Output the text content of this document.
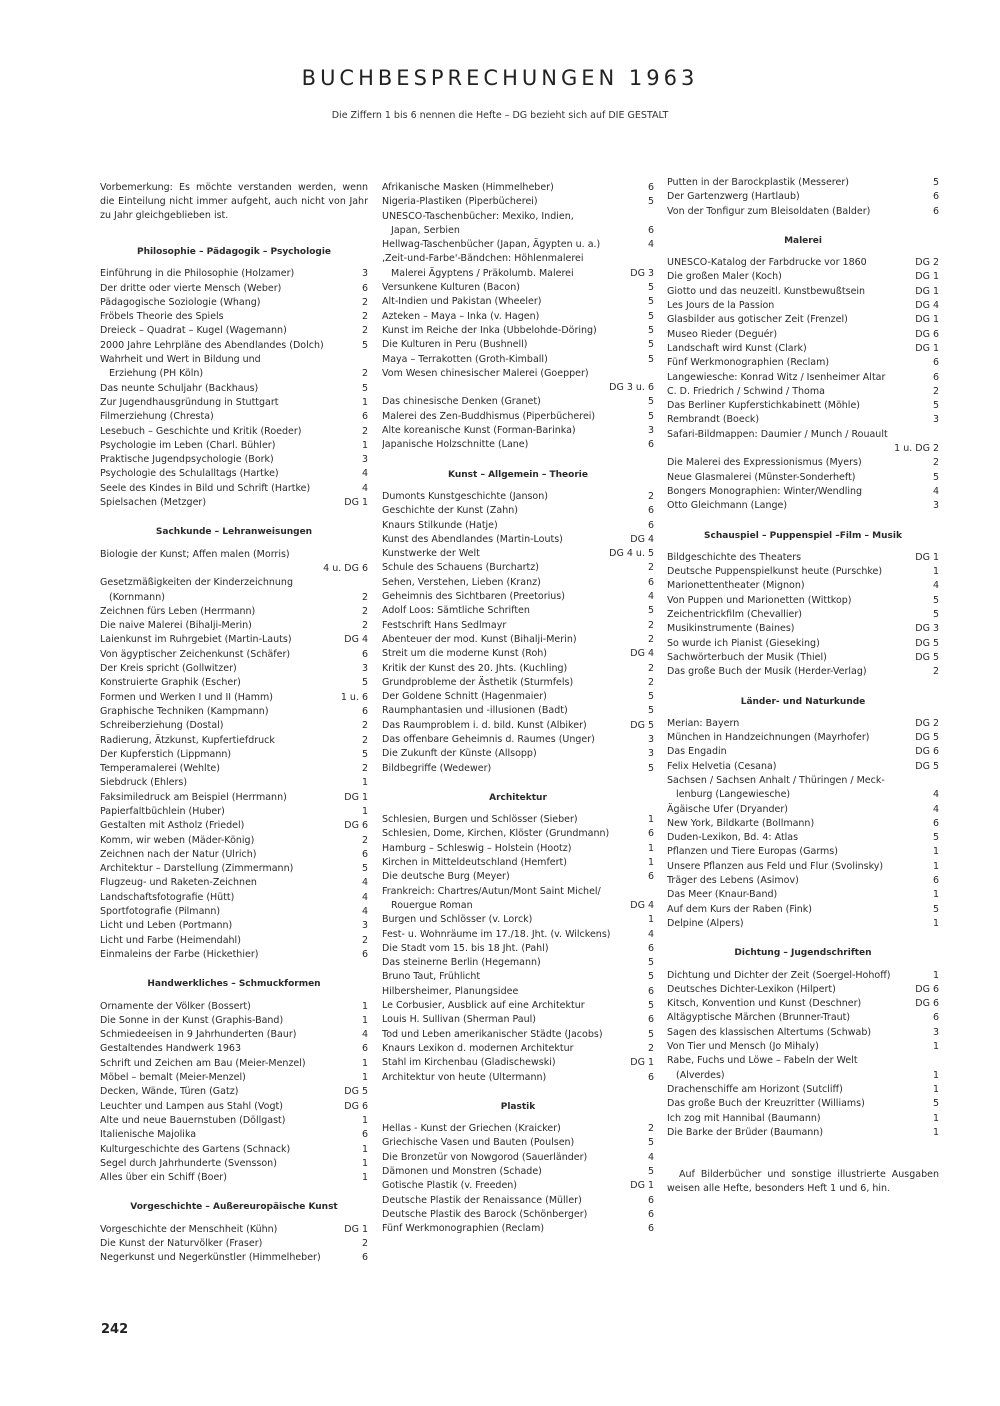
BUCHBESPRECHUNGEN 1963
Die Ziffern 1 bis 6 nennen die Hefte – DG bezieht sich auf DIE GESTALT
Vorbemerkung: Es möchte verstanden werden, wenn die Einteilung nicht immer aufgeht, auch nicht von Jahr zu Jahr gleichgeblieben ist.
Philosophie – Pädagogik – Psychologie
Einführung in die Philosophie (Holzamer)	3
Der dritte oder vierte Mensch (Weber)	6
Pädagogische Soziologie (Whang)	2
Fröbels Theorie des Spiels	2
Dreieck – Quadrat – Kugel (Wagemann)	2
2000 Jahre Lehrpläne des Abendlandes (Dolch)	5
Wahrheit und Wert in Bildung und
Erziehung (PH Köln)	2
Das neunte Schuljahr (Backhaus)	5
Zur Jugendhausgründung in Stuttgart	1
Filmerziehung (Chresta)	6
Lesebuch – Geschichte und Kritik (Roeder)	2
Psychologie im Leben (Charl. Bühler)	1
Praktische Jugendpsychologie (Bork)	3
Psychologie des Schulalltags (Hartke)	4
Seele des Kindes in Bild und Schrift (Hartke)	4
Spielsachen (Metzger)	DG 1
Sachkunde – Lehranweisungen
Biologie der Kunst; Affen malen (Morris)
4 u. DG 6
Gesetzmäßigkeiten der Kinderzeichnung
(Kornmann)	2
Zeichnen fürs Leben (Herrmann)	2
Die naive Malerei (Bihalji-Merin)	2
Laienkunst im Ruhrgebiet (Martin-Lauts)	DG 4
Von ägyptischer Zeichenkunst (Schäfer)	6
Der Kreis spricht (Gollwitzer)	3
Konstruierte Graphik (Escher)	5
Formen und Werken I und II (Hamm)	1 u. 6
Graphische Techniken (Kampmann)	6
Schreiberziehung (Dostal)	2
Radierung, Ätzkunst, Kupfertiefdruck	2
Der Kupferstich (Lippmann)	5
Temperamalerei (Wehlte)	2
Siebdruck (Ehlers)	1
Faksimiledruck am Beispiel (Herrmann)	DG 1
Papierfaltbüchlein (Huber)	1
Gestalten mit Astholz (Friedel)	DG 6
Komm, wir weben (Mäder-König)	2
Zeichnen nach der Natur (Ulrich)	6
Architektur – Darstellung (Zimmermann)	5
Flugzeug- und Raketen-Zeichnen	4
Landschaftsfotografie (Hütt)	4
Sportfotografie (Pilmann)	4
Licht und Leben (Portmann)	3
Licht und Farbe (Heimendahl)	2
Einmaleins der Farbe (Hickethier)	6
Handwerkliches – Schmuckformen
Ornamente der Völker (Bossert)	1
Die Sonne in der Kunst (Graphis-Band)	1
Schmiedeeisen in 9 Jahrhunderten (Baur)	4
Gestaltendes Handwerk 1963	6
Schrift und Zeichen am Bau (Meier-Menzel)	1
Möbel – bemalt (Meier-Menzel)	1
Decken, Wände, Türen (Gatz)	DG 5
Leuchter und Lampen aus Stahl (Vogt)	DG 6
Alte und neue Bauernstuben (Döllgast)	1
Italienische Majolika	6
Kulturgeschichte des Gartens (Schnack)	1
Segel durch Jahrhunderte (Svensson)	1
Alles über ein Schiff (Boer)	1
Vorgeschichte – Außereuropäische Kunst
Vorgeschichte der Menschheit (Kühn)	DG 1
Die Kunst der Naturvölker (Fraser)	2
Negerkunst und Negerkünstler (Himmelheber)	6
Afrikanische Masken (Himmelheber)	6
Nigeria-Plastiken (Piperbücherei)	5
UNESCO-Taschenbücher: Mexiko, Indien,
Japan, Serbien	6
Hellwag-Taschenbücher (Japan, Ägypten u. a.)	4
‚Zeit-und-Farbe'-Bändchen: Höhlenmalerei
Malerei Ägyptens / Präkolumb. Malerei	DG 3
Versunkene Kulturen (Bacon)	5
Alt-Indien und Pakistan (Wheeler)	5
Azteken – Maya – Inka (v. Hagen)	5
Kunst im Reiche der Inka (Ubbelohde-Döring)	5
Die Kulturen in Peru (Bushnell)	5
Maya – Terrakotten (Groth-Kimball)	5
Vom Wesen chinesischer Malerei (Goepper)
DG 3 u. 6
Das chinesische Denken (Granet)	5
Malerei des Zen-Buddhismus (Piperbücherei)	5
Alte koreanische Kunst (Forman-Barinka)	3
Japanische Holzschnitte (Lane)	6
Kunst – Allgemein – Theorie
Dumonts Kunstgeschichte (Janson)	2
Geschichte der Kunst (Zahn)	6
Knaurs Stilkunde (Hatje)	6
Kunst des Abendlandes (Martin-Louts)	DG 4
Kunstwerke der Welt	DG 4 u. 5
Schule des Schauens (Burchartz)	2
Sehen, Verstehen, Lieben (Kranz)	6
Geheimnis des Sichtbaren (Preetorius)	4
Adolf Loos: Sämtliche Schriften	5
Festschrift Hans Sedlmayr	2
Abenteuer der mod. Kunst (Bihalji-Merin)	2
Streit um die moderne Kunst (Roh)	DG 4
Kritik der Kunst des 20. Jhts. (Kuchling)	2
Grundprobleme der Ästhetik (Sturmfels)	2
Der Goldene Schnitt (Hagenmaier)	5
Raumphantasien und -illusionen (Badt)	5
Das Raumproblem i. d. bild. Kunst (Albiker)	DG 5
Das offenbare Geheimnis d. Raumes (Unger)	3
Die Zukunft der Künste (Allsopp)	3
Bildbegriffe (Wedewer)	5
Architektur
Schlesien, Burgen und Schlösser (Sieber)	1
Schlesien, Dome, Kirchen, Klöster (Grundmann)	6
Hamburg – Schleswig – Holstein (Hootz)	1
Kirchen in Mitteldeutschland (Hemfert)	1
Die deutsche Burg (Meyer)	6
Frankreich: Chartres/Autun/Mont Saint Michel/
Rouergue Roman	DG 4
Burgen und Schlösser (v. Lorck)	1
Fest- u. Wohnräume im 17./18. Jht. (v. Wilckens)	4
Die Stadt vom 15. bis 18 Jht. (Pahl)	6
Das steinerne Berlin (Hegemann)	5
Bruno Taut, Frühlicht	5
Hilbersheimer, Planungsidee	6
Le Corbusier, Ausblick auf eine Architektur	5
Louis H. Sullivan (Sherman Paul)	6
Tod und Leben amerikanischer Städte (Jacobs)	5
Knaurs Lexikon d. modernen Architektur	2
Stahl im Kirchenbau (Gladischewski)	DG 1
Architektur von heute (Ultermann)	6
Plastik
Hellas - Kunst der Griechen (Kraicker)	2
Griechische Vasen und Bauten (Poulsen)	5
Die Bronzetür von Nowgorod (Sauerländer)	4
Dämonen und Monstren (Schade)	5
Gotische Plastik (v. Freeden)	DG 1
Deutsche Plastik der Renaissance (Müller)	6
Deutsche Plastik des Barock (Schönberger)	6
Fünf Werkmonographien (Reclam)	6
Putten in der Barockplastik (Messerer)	5
Der Gartenzwerg (Hartlaub)	6
Von der Tonfigur zum Bleisoldaten (Balder)	6
Malerei
UNESCO-Katalog der Farbdrucke vor 1860	DG 2
Die großen Maler (Koch)	DG 1
Giotto und das neuzeitl. Kunstbewußtsein	DG 1
Les Jours de la Passion	DG 4
Glasbilder aus gotischer Zeit (Frenzel)	DG 1
Museo Rieder (Deguér)	DG 6
Landschaft wird Kunst (Clark)	DG 1
Fünf Werkmonographien (Reclam)	6
Langewiesche: Konrad Witz / Isenheimer Altar	6
C. D. Friedrich / Schwind / Thoma	2
Das Berliner Kupferstichkabinett (Möhle)	5
Rembrandt (Boeck)	3
Safari-Bildmappen: Daumier / Munch / Rouault
1 u. DG 2
Die Malerei des Expressionismus (Myers)	2
Neue Glasmalerei (Münster-Sonderheft)	5
Bongers Monographien: Winter/Wendling	4
Otto Gleichmann (Lange)	3
Schauspiel – Puppenspiel –Film – Musik
Bildgeschichte des Theaters	DG 1
Deutsche Puppenspielkunst heute (Purschke)	1
Marionettentheater (Mignon)	4
Von Puppen und Marionetten (Wittkop)	5
Zeichentrickfilm (Chevallier)	5
Musikinstrumente (Baines)	DG 3
So wurde ich Pianist (Gieseking)	DG 5
Sachwörterbuch der Musik (Thiel)	DG 5
Das große Buch der Musik (Herder-Verlag)	2
Länder- und Naturkunde
Merian: Bayern	DG 2
München in Handzeichnungen (Mayrhofer)	DG 5
Das Engadin	DG 6
Felix Helvetia (Cesana)	DG 5
Sachsen / Sachsen Anhalt / Thüringen / Meck-
lenburg (Langewiesche)	4
Ägäische Ufer (Dryander)	4
New York, Bildkarte (Bollmann)	6
Duden-Lexikon, Bd. 4: Atlas	5
Pflanzen und Tiere Europas (Garms)	1
Unsere Pflanzen aus Feld und Flur (Svolinsky)	1
Träger des Lebens (Asimov)	6
Das Meer (Knaur-Band)	1
Auf dem Kurs der Raben (Fink)	5
Delpine (Alpers)	1
Dichtung – Jugendschriften
Dichtung und Dichter der Zeit (Soergel-Hohoff)	1
Deutsches Dichter-Lexikon (Hilpert)	DG 6
Kitsch, Konvention und Kunst (Deschner)	DG 6
Altägyptische Märchen (Brunner-Traut)	6
Sagen des klassischen Altertums (Schwab)	3
Von Tier und Mensch (Jo Mihaly)	1
Rabe, Fuchs und Löwe – Fabeln der Welt
(Alverdes)	1
Drachenschiffe am Horizont (Sutcliff)	1
Das große Buch der Kreuzritter (Williams)	5
Ich zog mit Hannibal (Baumann)	1
Die Barke der Brüder (Baumann)	1
Auf Bilderbücher und sonstige illustrierte Ausgaben weisen alle Hefte, besonders Heft 1 und 6, hin.
242
